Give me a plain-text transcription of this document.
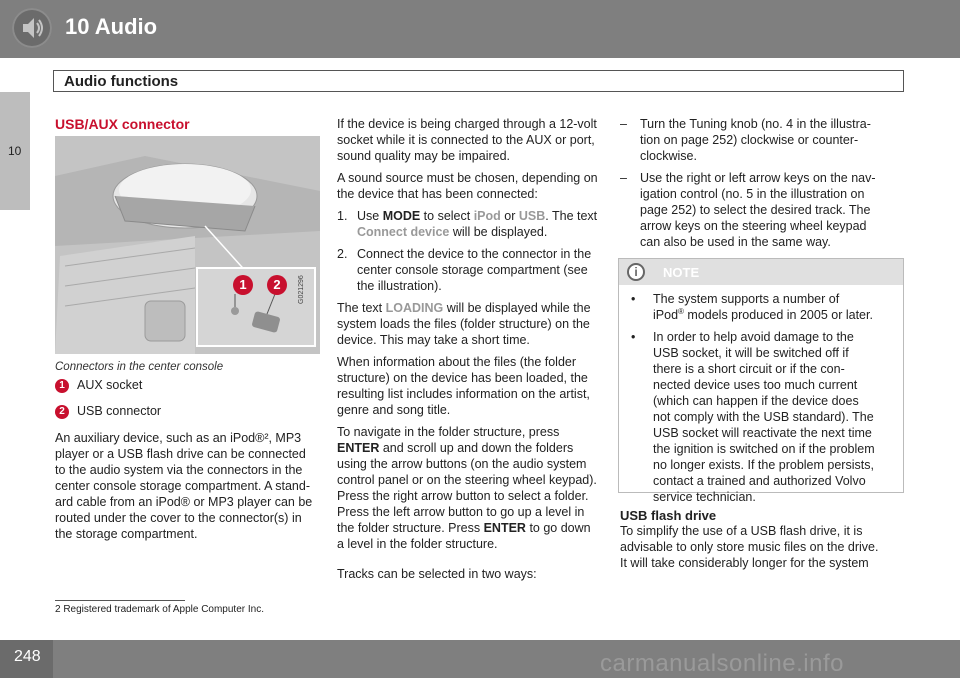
10 Audio
Audio functions
10
USB/AUX connector
1	2	G021296
Connectors in the center console
1 AUX socket
2 USB connector
An auxiliary device, such as an iPod®², MP3
player or a USB flash drive can be connected
to the audio system via the connectors in the
center console storage compartment. A stand-
ard cable from an iPod® or MP3 player can be
routed under the cover to the connector(s) in
the storage compartment.
If the device is being charged through a 12-volt
socket while it is connected to the AUX or port,
sound quality may be impaired.
A sound source must be chosen, depending on
the device that has been connected:
1. Use MODE to select iPod or USB. The text
Connect device will be displayed.
2. Connect the device to the connector in the
center console storage compartment (see
the illustration).
The text LOADING will be displayed while the
system loads the files (folder structure) on the
device. This may take a short time.
When information about the files (the folder
structure) on the device has been loaded, the
resulting list includes information on the artist,
genre and song title.
To navigate in the folder structure, press
ENTER and scroll up and down the folders
using the arrow buttons (on the audio system
control panel or on the steering wheel keypad).
Press the right arrow button to select a folder.
Press the left arrow button to go up a level in
the folder structure. Press ENTER to go down
a level in the folder structure.
Tracks can be selected in two ways:
– Turn the Tuning knob (no. 4 in the illustra-
tion on page 252) clockwise or counter-
clockwise.
– Use the right or left arrow keys on the nav-
igation control (no. 5 in the illustration on
page 252) to select the desired track. The
arrow keys on the steering wheel keypad
can also be used in the same way.
i	NOTE
• The system supports a number of
iPod® models produced in 2005 or later.
• In order to help avoid damage to the
USB socket, it will be switched off if
there is a short circuit or if the con-
nected device uses too much current
(which can happen if the device does
not comply with the USB standard). The
USB socket will reactivate the next time
the ignition is switched on if the problem
no longer exists. If the problem persists,
contact a trained and authorized Volvo
service technician.
USB flash drive
To simplify the use of a USB flash drive, it is
advisable to only store music files on the drive.
It will take considerably longer for the system
2 Registered trademark of Apple Computer Inc.
248	carmanualsonline.info
